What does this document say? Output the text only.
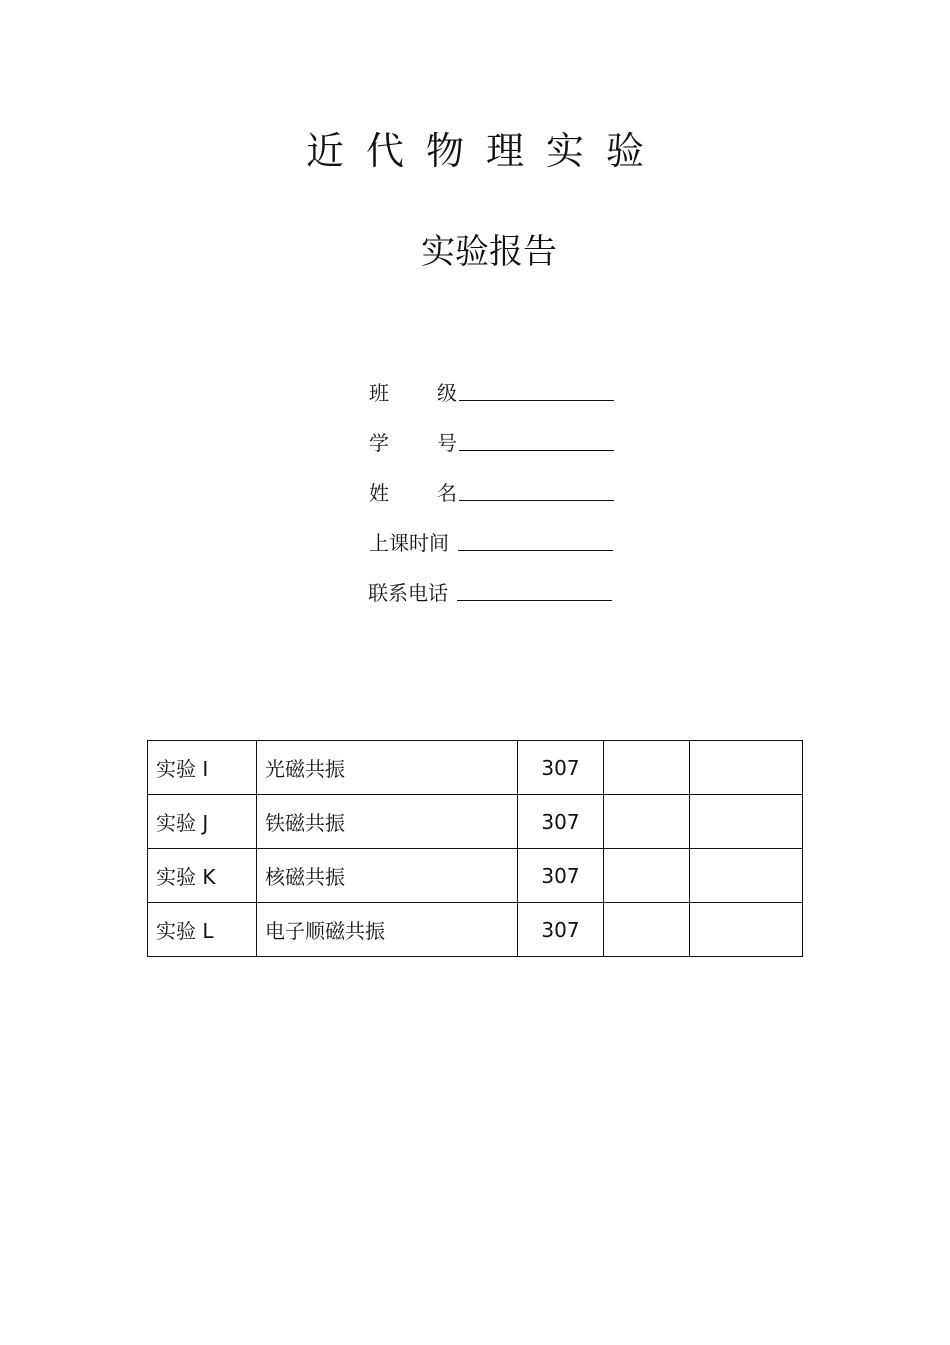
近代物理实验
实验报告
班 级
学 号
姓 名
上课时间
联系电话
实验 I	光磁共振	307		
实验 J	铁磁共振	307		
实验 K	核磁共振	307		
实验 L	电子顺磁共振	307		
